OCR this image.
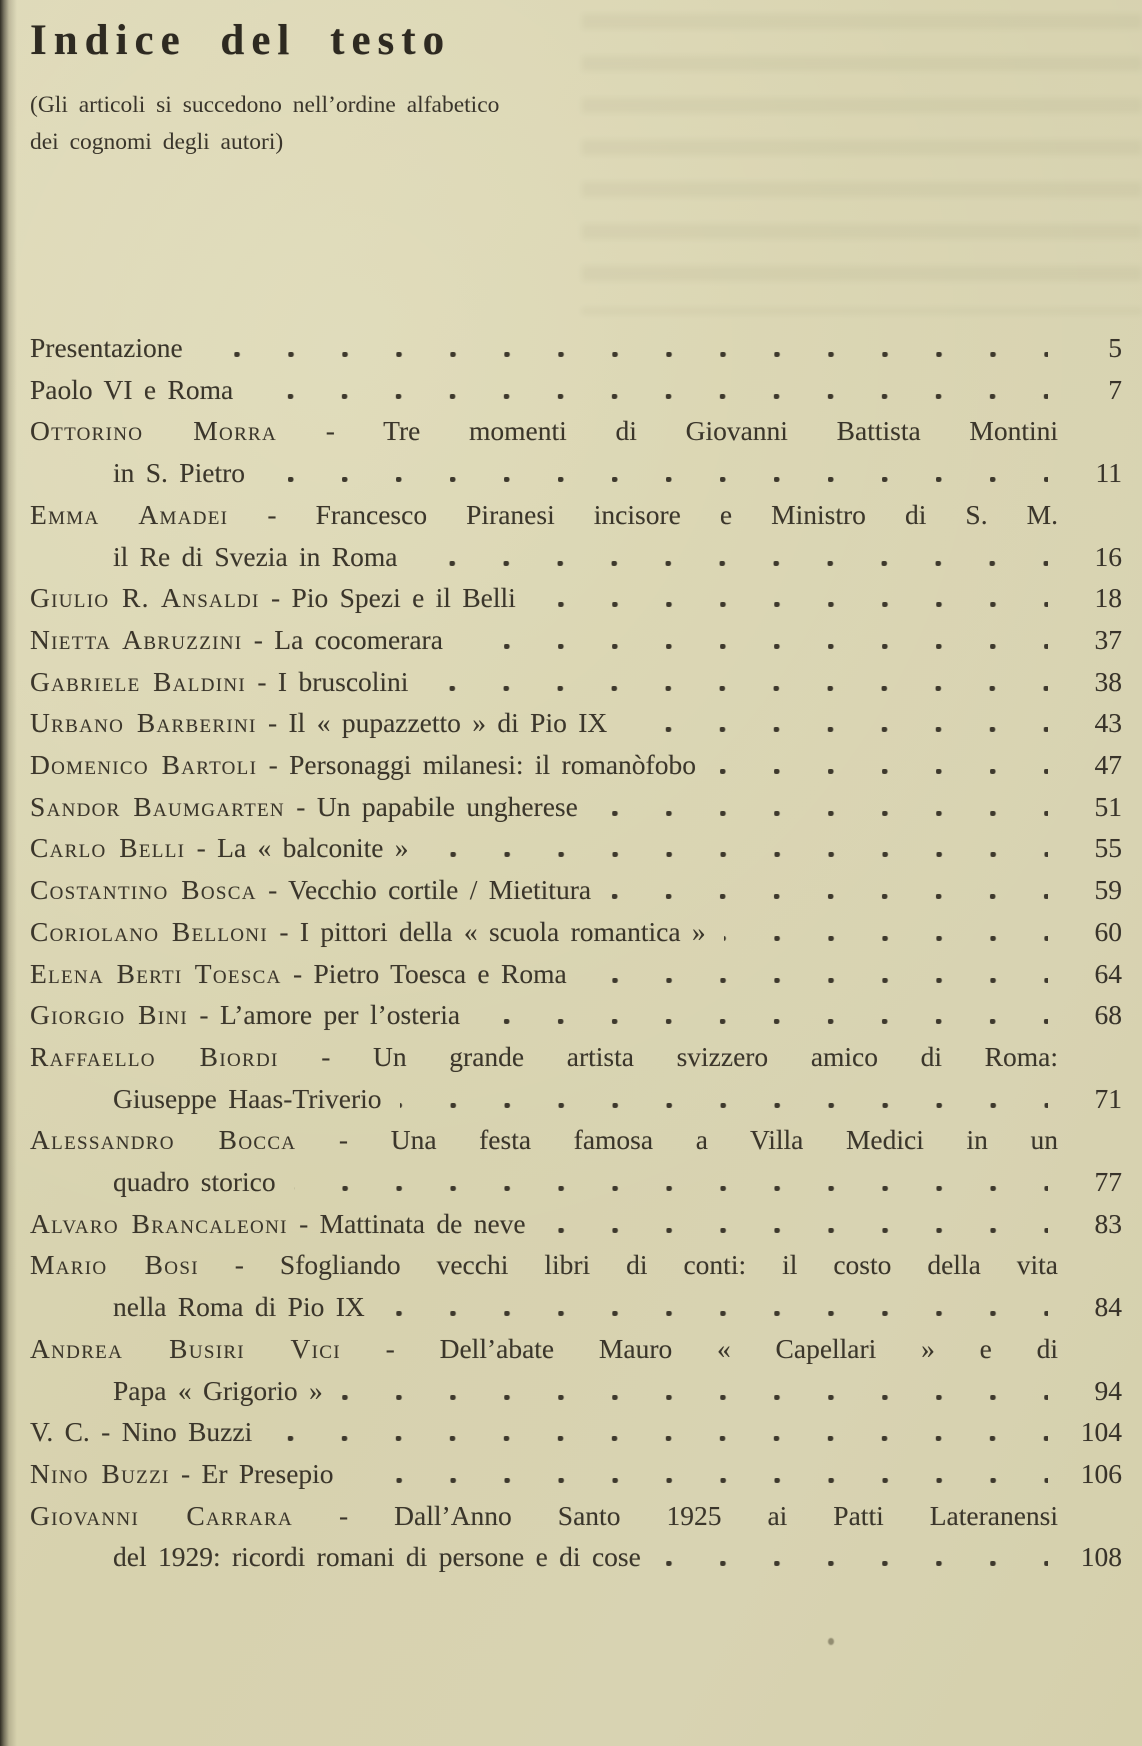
Indice del testo

(Gli articoli si succedono nell’ordine alfabetico
dei cognomi degli autori)

Presentazione	5
Paolo VI e Roma	7
Ottorino Morra - Tre momenti di Giovanni Battista Montini
in S. Pietro	11
Emma Amadei - Francesco Piranesi incisore e Ministro di S. M.
il Re di Svezia in Roma	16
Giulio R. Ansaldi - Pio Spezi e il Belli	18
Nietta Abruzzini - La cocomerara	37
Gabriele Baldini - I bruscolini	38
Urbano Barberini - Il « pupazzetto » di Pio IX	43
Domenico Bartoli - Personaggi milanesi: il romanòfobo	47
Sandor Baumgarten - Un papabile ungherese	51
Carlo Belli - La « balconite »	55
Costantino Bosca - Vecchio cortile / Mietitura	59
Coriolano Belloni - I pittori della « scuola romantica »	60
Elena Berti Toesca - Pietro Toesca e Roma	64
Giorgio Bini - L’amore per l’osteria	68
Raffaello Biordi - Un grande artista svizzero amico di Roma:
Giuseppe Haas-Triverio	71
Alessandro Bocca - Una festa famosa a Villa Medici in un
quadro storico	77
Alvaro Brancaleoni - Mattinata de neve	83
Mario Bosi - Sfogliando vecchi libri di conti: il costo della vita
nella Roma di Pio IX	84
Andrea Busiri Vici - Dell’abate Mauro « Capellari » e di
Papa « Grigorio »	94
V. C. - Nino Buzzi	104
Nino Buzzi - Er Presepio	106
Giovanni Carrara - Dall’Anno Santo 1925 ai Patti Lateranensi
del 1929: ricordi romani di persone e di cose	108
